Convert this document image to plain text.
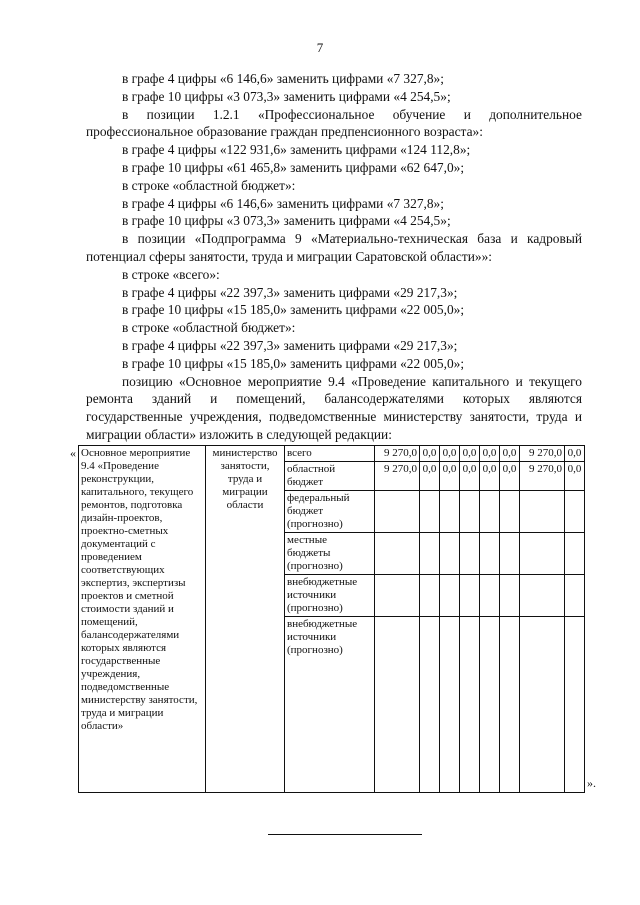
7

в графе 4 цифры «6 146,6» заменить цифрами «7 327,8»;

в графе 10 цифры «3 073,3» заменить цифрами «4 254,5»;

в позиции 1.2.1 «Профессиональное обучение и дополнительное профессиональное образование граждан предпенсионного возраста»:

в графе 4 цифры «122 931,6» заменить цифрами «124 112,8»;

в графе 10 цифры «61 465,8» заменить цифрами «62 647,0»;

в строке «областной бюджет»:

в графе 4 цифры «6 146,6» заменить цифрами «7 327,8»;

в графе 10 цифры «3 073,3» заменить цифрами «4 254,5»;

в позиции «Подпрограмма 9 «Материально-техническая база и кадровый потенциал сферы занятости, труда и миграции Саратовской области»»:

в строке «всего»:

в графе 4 цифры «22 397,3» заменить цифрами «29 217,3»;

в графе 10 цифры «15 185,0» заменить цифрами «22 005,0»;

в строке «областной бюджет»:

в графе 4 цифры «22 397,3» заменить цифрами «29 217,3»;

в графе 10 цифры «15 185,0» заменить цифрами «22 005,0»;

позицию «Основное мероприятие 9.4 «Проведение капитального и текущего ремонта зданий и помещений, балансодержателями которых являются государственные учреждения, подведомственные министерству занятости, труда и миграции области» изложить в следующей редакции:

« Основное мероприятие 9.4 «Проведение реконструкции, капитального, текущего ремонтов, подготовка дизайн-проектов, проектно-сметных документаций с проведением соответствующих экспертиз, экспертизы проектов и сметной стоимости зданий и помещений, балансодержателями которых являются государственные учреждения, подведомственные министерству занятости, труда и миграции области»	министерство занятости, труда и миграции области	всего	9 270,0	0,0	0,0	0,0	0,0	0,0	9 270,0	0,0
		областной бюджет	9 270,0	0,0	0,0	0,0	0,0	0,0	9 270,0	0,0
		федеральный бюджет (прогнозно)								
		местные бюджеты (прогнозно)								
		внебюджетные источники (прогнозно)								
		внебюджетные источники (прогнозно)								
».
